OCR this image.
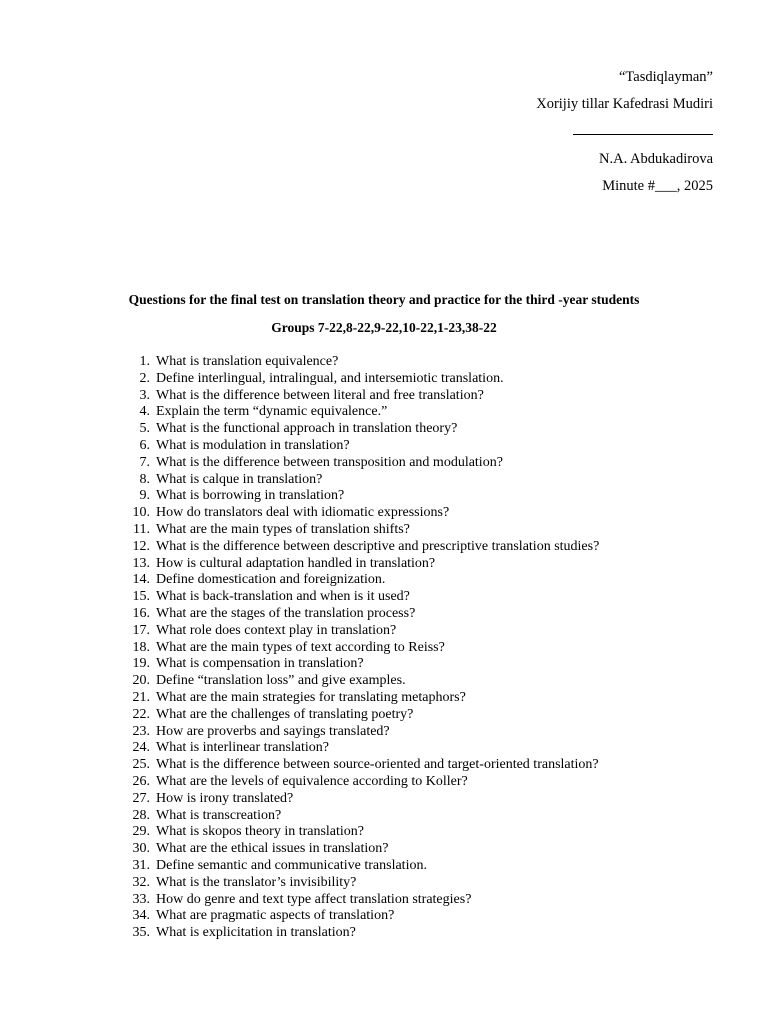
“Tasdiqlayman”
Xorijiy tillar Kafedrasi Mudiri
N.A. Abdukadirova
Minute #___, 2025
Questions for the final test on translation theory and practice for the third -year students
Groups 7-22,8-22,9-22,10-22,1-23,38-22
1. What is translation equivalence?
2. Define interlingual, intralingual, and intersemiotic translation.
3. What is the difference between literal and free translation?
4. Explain the term “dynamic equivalence.”
5. What is the functional approach in translation theory?
6. What is modulation in translation?
7. What is the difference between transposition and modulation?
8. What is calque in translation?
9. What is borrowing in translation?
10. How do translators deal with idiomatic expressions?
11. What are the main types of translation shifts?
12. What is the difference between descriptive and prescriptive translation studies?
13. How is cultural adaptation handled in translation?
14. Define domestication and foreignization.
15. What is back-translation and when is it used?
16. What are the stages of the translation process?
17. What role does context play in translation?
18. What are the main types of text according to Reiss?
19. What is compensation in translation?
20. Define “translation loss” and give examples.
21. What are the main strategies for translating metaphors?
22. What are the challenges of translating poetry?
23. How are proverbs and sayings translated?
24. What is interlinear translation?
25. What is the difference between source-oriented and target-oriented translation?
26. What are the levels of equivalence according to Koller?
27. How is irony translated?
28. What is transcreation?
29. What is skopos theory in translation?
30. What are the ethical issues in translation?
31. Define semantic and communicative translation.
32. What is the translator’s invisibility?
33. How do genre and text type affect translation strategies?
34. What are pragmatic aspects of translation?
35. What is explicitation in translation?
